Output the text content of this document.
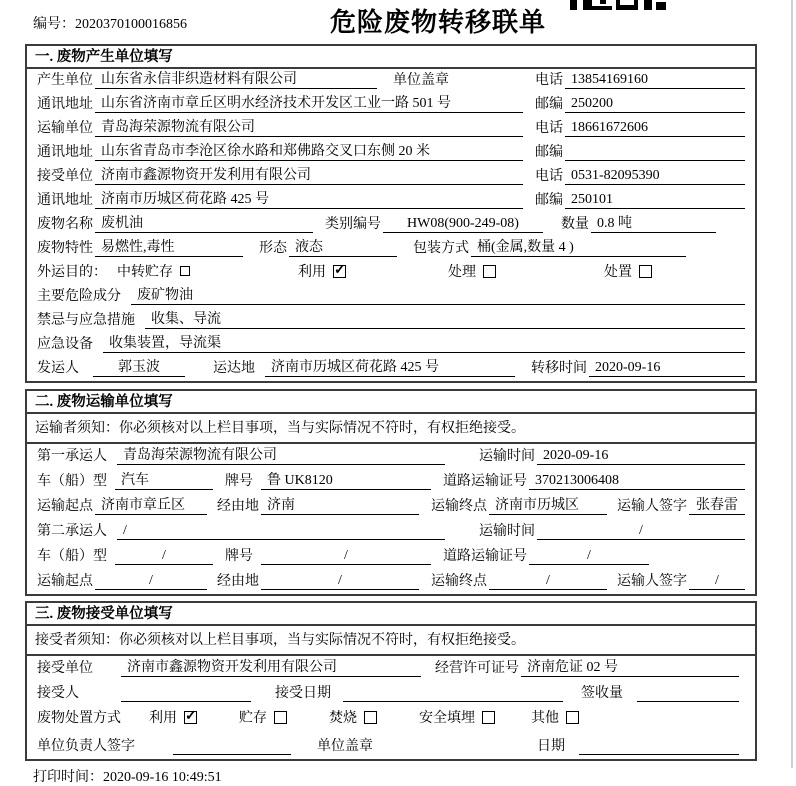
编号：2020370100016856	危险废物转移联单
一. 废物产生单位填写
产生单位 山东省永信非织造材料有限公司	单位盖章	电话 13854169160
通讯地址 山东省济南市章丘区明水经济技术开发区工业一路 501 号	邮编 250200
运输单位 青岛海荣源物流有限公司	电话 18661672606
通讯地址 山东省青岛市李沧区徐水路和郑佛路交叉口东侧 20 米	邮编
接受单位 济南市鑫源物资开发利用有限公司	电话 0531-82095390
通讯地址 济南市历城区荷花路 425 号	邮编 250101
废物名称 废机油	类别编号	HW08(900-249-08)	数量 0.8 吨
废物特性 易燃性,毒性	形态 液态	包装方式 桶(金属,数量 4 )
外运目的： 中转贮存	利用 ✓	处理	处置
主要危险成分	废矿物油
禁忌与应急措施	收集、导流
应急设备	收集装置，导流渠
发运人	郭玉波	运达地	济南市历城区荷花路 425 号	转移时间 2020-09-16
二. 废物运输单位填写
运输者须知：你必须核对以上栏目事项，当与实际情况不符时，有权拒绝接受。
第一承运人	青岛海荣源物流有限公司	运输时间 2020-09-16
车（船）型	汽车	牌号	鲁 UK8120	道路运输证号 370213006408
运输起点 济南市章丘区	经由地 济南	运输终点 济南市历城区	运输人签字 张春雷
第二承运人	/	运输时间	/
车（船）型	/	牌号	/	道路运输证号	/
运输起点	/	经由地	/	运输终点	/	运输人签字	/
三. 废物接受单位填写
接受者须知：你必须核对以上栏目事项，当与实际情况不符时，有权拒绝接受。
接受单位	济南市鑫源物资开发利用有限公司	经营许可证号 济南危证 02 号
接受人	接受日期	签收量
废物处置方式 利用 ✓	贮存	焚烧	安全填埋	其他
单位负责人签字	单位盖章	日期
打印时间：2020-09-16 10:49:51
